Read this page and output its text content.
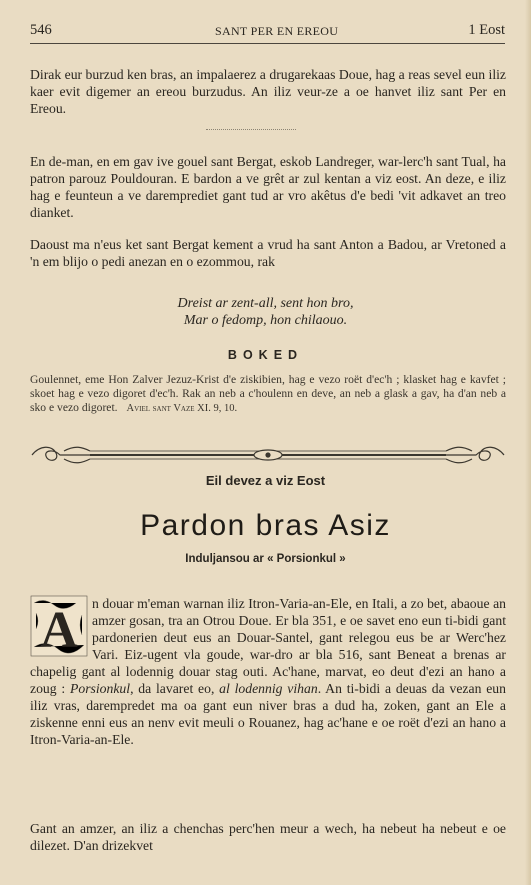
546	SANT PER EN EREOU	1 Eost

Dirak eur burzud ken bras, an impalaerez a drugarekaas Doue, hag a reas sevel eun iliz kaer evit digemer an ereou burzudus. An iliz veur-ze a oe hanvet iliz sant Per en Ereou.

En de-man, en em gav ive gouel sant Bergat, eskob Landreger, war-lerc'h sant Tual, ha patron parouz Pouldouran. E bardon a ve grêt ar zul kentan a viz eost. An deze, e iliz hag e feunteun a ve daremprediet gant tud ar vro akêtus d'e bedi 'vit adkavet an treo dianket.

Daoust ma n'eus ket sant Bergat kement a vrud ha sant Anton a Badou, ar Vretoned a 'n em blijo o pedi anezan en o ezommou, rak

Dreist ar zent-all, sent hon bro,

Mar o fedomp, hon chilaouo.

BOKED

Goulennet, eme Hon Zalver Jezuz-Krist d'e ziskibien, hag e vezo roët d'ec'h ; klasket hag e kavfet ; skoet hag e vezo digoret d'ec'h. Rak an neb a c'houlenn en deve, an neb a glask a gav, ha d'an neb a sko e vezo digoret. Aviel sant Vaze XI. 9, 10.

Eil devez a viz Eost
Pardon bras Asiz
Induljansou ar « Porsionkul »

A n douar m'eman warnan iliz Itron-Varia-an-Ele, en Itali, a zo bet, abaoue an amzer gosan, tra an Otrou Doue. Er bla 351, e oe savet eno eun ti-bidi gant pardonerien deut eus an Douar-Santel, gant relegou eus be ar Werc'hez Vari. Eiz-ugent vla goude, war-dro ar bla 516, sant Beneat a brenas ar chapelig gant al lodennig douar stag outi. Ac'hane, marvat, eo deut d'ezi an hano a zoug : Porsionkul, da lavaret eo, al lodennig vihan. An ti-bidi a deuas da vezan eun iliz vras, darempredet ma oa gant eun niver bras a dud ha, zoken, gant an Ele a ziskenne enni eus an nenv evit meuli o Rouanez, hag ac'hane e oe roët d'ezi an hano a Itron-Varia-an-Ele.

Gant an amzer, an iliz a chenchas perc'hen meur a wech, ha nebeut ha nebeut e oe dilezet. D'an drizekvet
